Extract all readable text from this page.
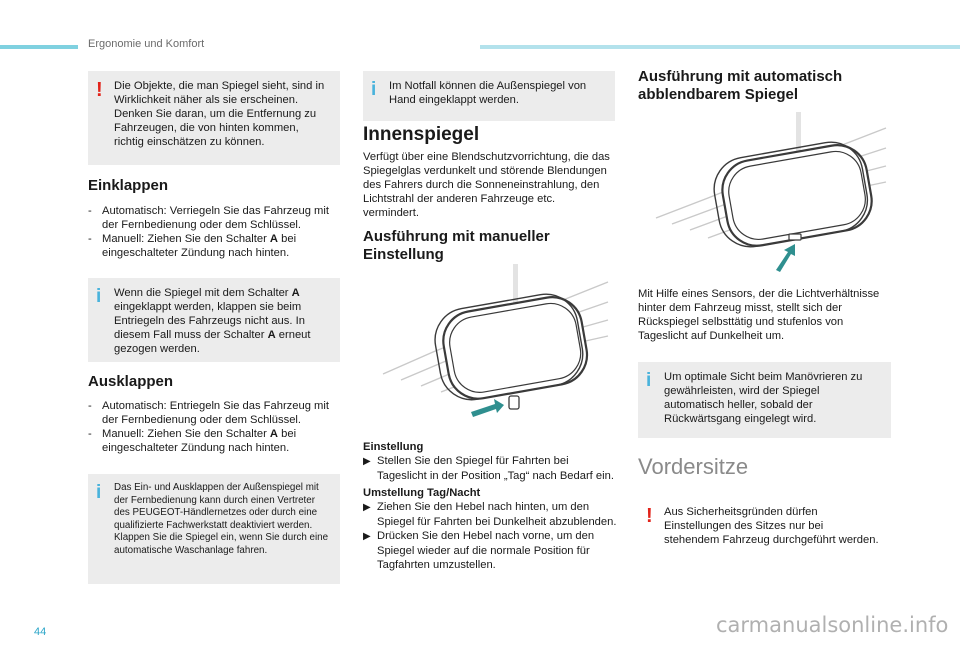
Ergonomie und Komfort
! Die Objekte, die man Spiegel sieht, sind in Wirklichkeit näher als sie erscheinen. Denken Sie daran, um die Entfernung zu Fahrzeugen, die von hinten kommen, richtig einschätzen zu können.
Einklappen
- Automatisch: Verriegeln Sie das Fahrzeug mit der Fernbedienung oder dem Schlüssel.
- Manuell: Ziehen Sie den Schalter A bei eingeschalteter Zündung nach hinten.
i Wenn die Spiegel mit dem Schalter A eingeklappt werden, klappen sie beim Entriegeln des Fahrzeugs nicht aus. In diesem Fall muss der Schalter A erneut gezogen werden.
Ausklappen
- Automatisch: Entriegeln Sie das Fahrzeug mit der Fernbedienung oder dem Schlüssel.
- Manuell: Ziehen Sie den Schalter A bei eingeschalteter Zündung nach hinten.
i Das Ein- und Ausklappen der Außenspiegel mit der Fernbedienung kann durch einen Vertreter des PEUGEOT-Händlernetzes oder durch eine qualifizierte Fachwerkstatt deaktiviert werden. Klappen Sie die Spiegel ein, wenn Sie durch eine automatische Waschanlage fahren.
i Im Notfall können die Außenspiegel von Hand eingeklappt werden.
Innenspiegel
Verfügt über eine Blendschutzvorrichtung, die das Spiegelglas verdunkelt und störende Blendungen des Fahrers durch die Sonneneinstrahlung, den Lichtstrahl der anderen Fahrzeuge etc. vermindert.
Ausführung mit manueller Einstellung
Einstellung
▶ Stellen Sie den Spiegel für Fahrten bei Tageslicht in der Position „Tag“ nach Bedarf ein.
Umstellung Tag/Nacht
▶ Ziehen Sie den Hebel nach hinten, um den Spiegel für Fahrten bei Dunkelheit abzublenden.
▶ Drücken Sie den Hebel nach vorne, um den Spiegel wieder auf die normale Position für Tagfahrten umzustellen.
Ausführung mit automatisch abblendbarem Spiegel
Mit Hilfe eines Sensors, der die Lichtverhältnisse hinter dem Fahrzeug misst, stellt sich der Rückspiegel selbsttätig und stufenlos von Tageslicht auf Dunkelheit um.
i Um optimale Sicht beim Manövrieren zu gewährleisten, wird der Spiegel automatisch heller, sobald der Rückwärtsgang eingelegt wird.
Vordersitze
! Aus Sicherheitsgründen dürfen Einstellungen des Sitzes nur bei stehendem Fahrzeug durchgeführt werden.
44	carmanualsonline.info
